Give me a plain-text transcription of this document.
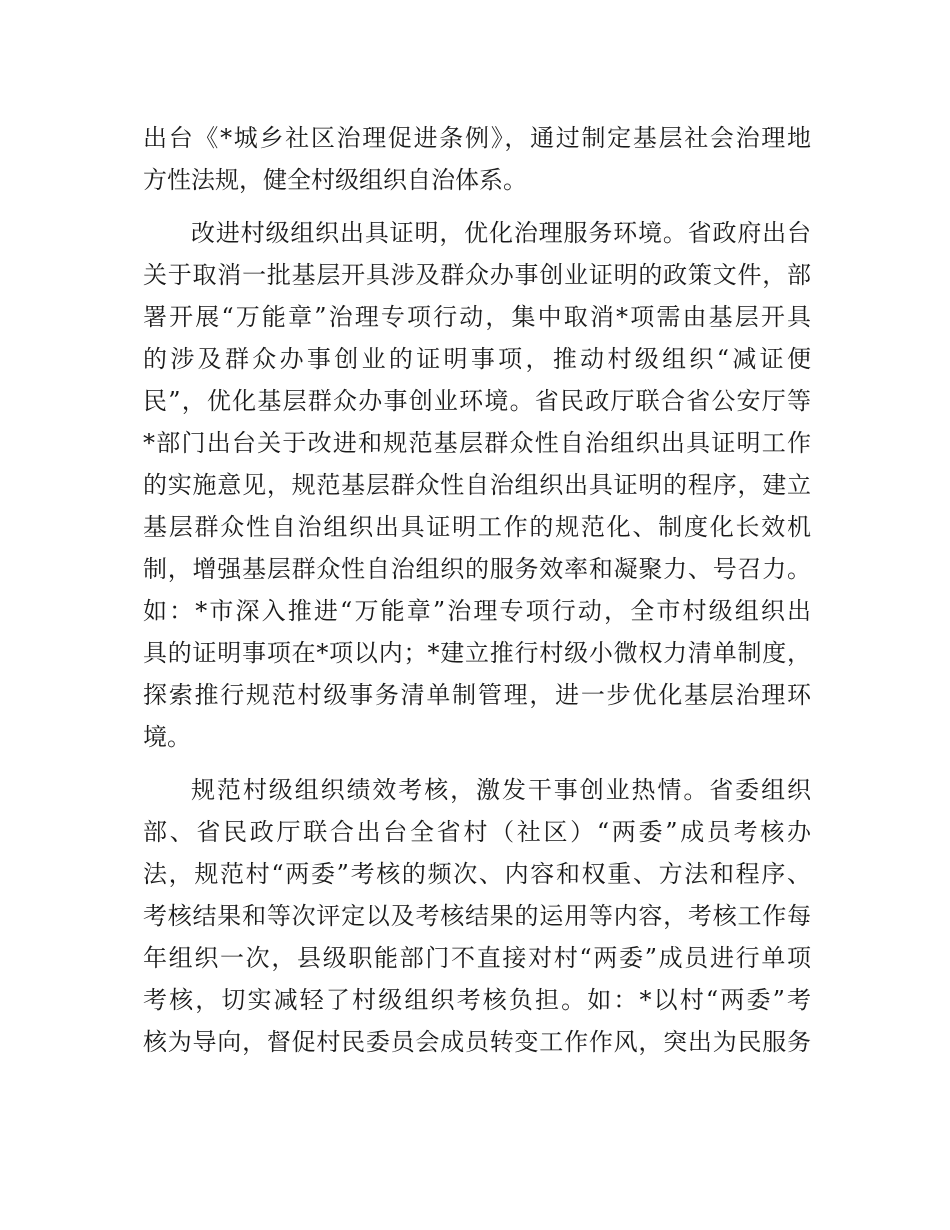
出台《*城乡社区治理促进条例》，通过制定基层社会治理地
方性法规，健全村级组织自治体系。
改进村级组织出具证明，优化治理服务环境。省政府出台
关于取消一批基层开具涉及群众办事创业证明的政策文件，部
署开展“万能章”治理专项行动，集中取消*项需由基层开具
的涉及群众办事创业的证明事项，推动村级组织“减证便
民”，优化基层群众办事创业环境。省民政厅联合省公安厅等
*部门出台关于改进和规范基层群众性自治组织出具证明工作
的实施意见，规范基层群众性自治组织出具证明的程序，建立
基层群众性自治组织出具证明工作的规范化、制度化长效机
制，增强基层群众性自治组织的服务效率和凝聚力、号召力。
如：*市深入推进“万能章”治理专项行动，全市村级组织出
具的证明事项在*项以内；*建立推行村级小微权力清单制度，
探索推行规范村级事务清单制管理，进一步优化基层治理环
境。
规范村级组织绩效考核，激发干事创业热情。省委组织
部、省民政厅联合出台全省村（社区）“两委”成员考核办
法，规范村“两委”考核的频次、内容和权重、方法和程序、
考核结果和等次评定以及考核结果的运用等内容，考核工作每
年组织一次，县级职能部门不直接对村“两委”成员进行单项
考核，切实减轻了村级组织考核负担。如：*以村“两委”考
核为导向，督促村民委员会成员转变工作作风，突出为民服务
